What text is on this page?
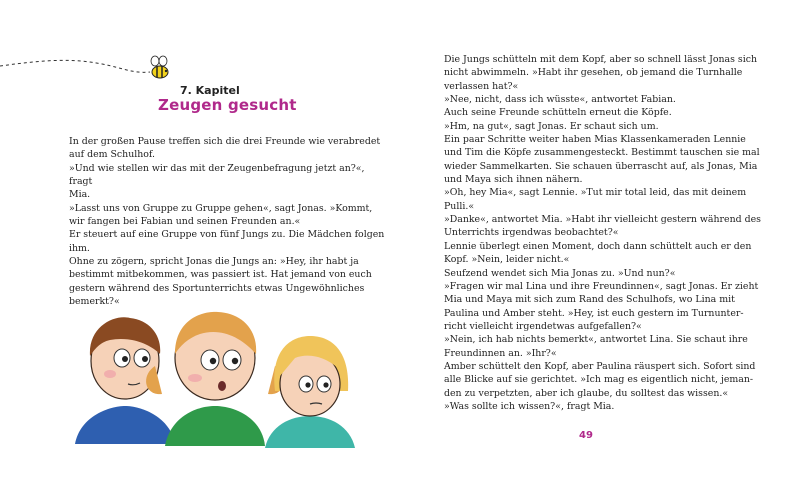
7. Kapitel
Zeugen gesucht

In der großen Pause treffen sich die drei Freunde wie verabredet

auf dem Schulhof.

»Und wie stellen wir das mit der Zeugenbefragung jetzt an?«, fragt

Mia.

»Lasst uns von Gruppe zu Gruppe gehen«, sagt Jonas. »Kommt,

wir fangen bei Fabian und seinen Freunden an.«

Er steuert auf eine Gruppe von fünf Jungs zu. Die Mädchen folgen

ihm.

Ohne zu zögern, spricht Jonas die Jungs an: »Hey, ihr habt ja

bestimmt mitbekommen, was passiert ist. Hat jemand von euch

gestern während des Sportunterrichts etwas Ungewöhnliches

bemerkt?«

Die Jungs schütteln mit dem Kopf, aber so schnell lässt Jonas sich

nicht abwimmeln. »Habt ihr gesehen, ob jemand die Turnhalle

verlassen hat?«

»Nee, nicht, dass ich wüsste«, antwortet Fabian.

Auch seine Freunde schütteln erneut die Köpfe.

»Hm, na gut«, sagt Jonas. Er schaut sich um.

Ein paar Schritte weiter haben Mias Klassenkameraden Lennie

und Tim die Köpfe zusammengesteckt. Bestimmt tauschen sie mal

wieder Sammelkarten. Sie schauen überrascht auf, als Jonas, Mia

und Maya sich ihnen nähern.

»Oh, hey Mia«, sagt Lennie. »Tut mir total leid, das mit deinem

Pulli.«

»Danke«, antwortet Mia. »Habt ihr vielleicht gestern während des

Unterrichts irgendwas beobachtet?«

Lennie überlegt einen Moment, doch dann schüttelt auch er den

Kopf. »Nein, leider nicht.«

Seufzend wendet sich Mia Jonas zu. »Und nun?«

»Fragen wir mal Lina und ihre Freundinnen«, sagt Jonas. Er zieht

Mia und Maya mit sich zum Rand des Schulhofs, wo Lina mit

Paulina und Amber steht. »Hey, ist euch gestern im Turnunter-

richt vielleicht irgendetwas aufgefallen?«

»Nein, ich hab nichts bemerkt«, antwortet Lina. Sie schaut ihre

Freundinnen an. »Ihr?«

Amber schüttelt den Kopf, aber Paulina räuspert sich. Sofort sind

alle Blicke auf sie gerichtet. »Ich mag es eigentlich nicht, jeman-

den zu verpetzten, aber ich glaube, du solltest das wissen.«

»Was sollte ich wissen?«, fragt Mia.

49
